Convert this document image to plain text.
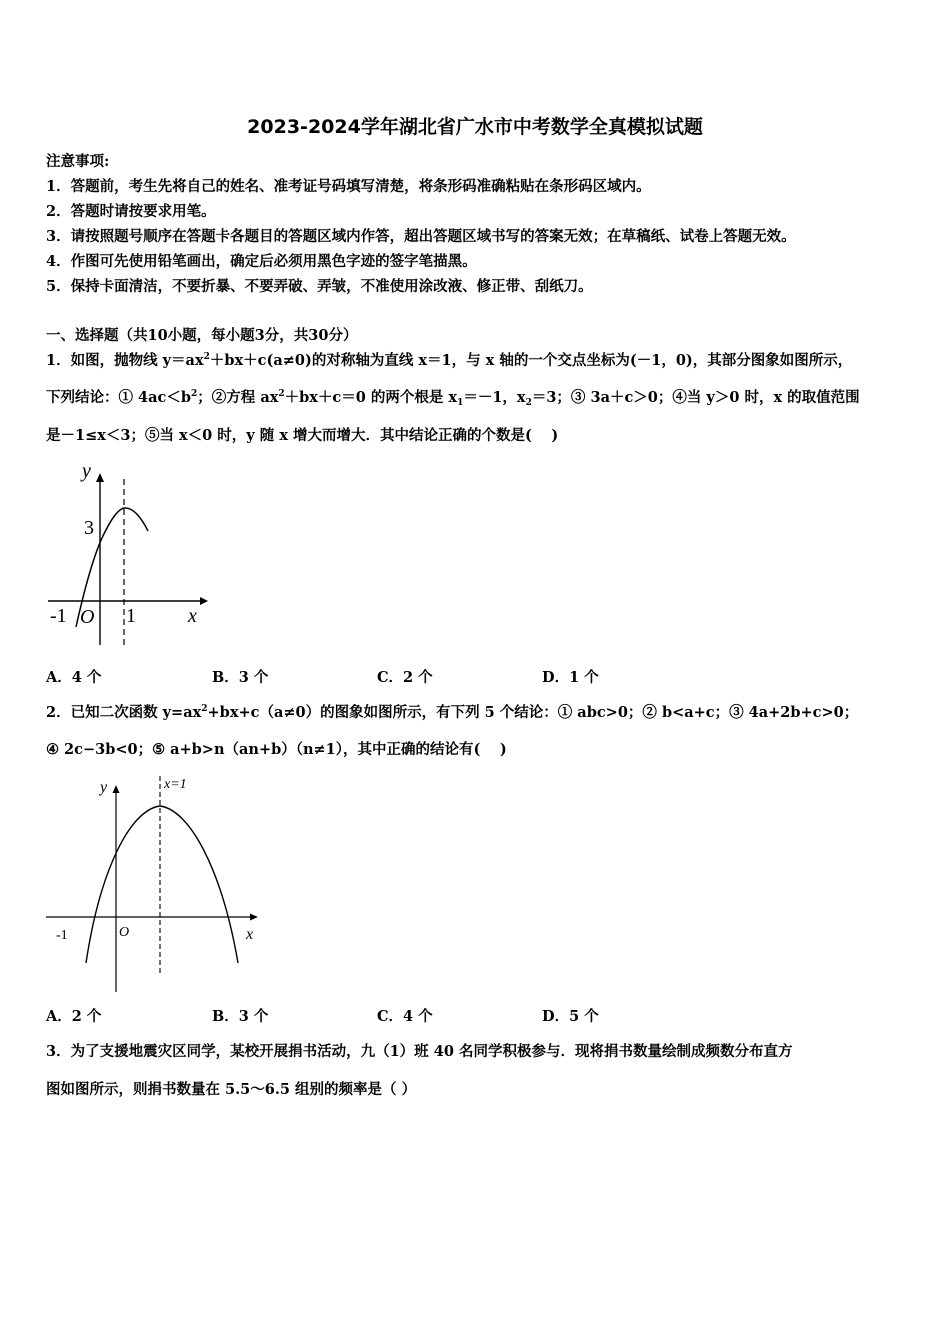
2023-2024学年湖北省广水市中考数学全真模拟试题
注意事项:
1．答题前，考生先将自己的姓名、准考证号码填写清楚，将条形码准确粘贴在条形码区域内。
2．答题时请按要求用笔。
3．请按照题号顺序在答题卡各题目的答题区域内作答，超出答题区域书写的答案无效；在草稿纸、试卷上答题无效。
4．作图可先使用铅笔画出，确定后必须用黑色字迹的签字笔描黑。
5．保持卡面清洁，不要折暴、不要弄破、弄皱，不准使用涂改液、修正带、刮纸刀。
一、选择题（共10小题，每小题3分，共30分）
1．如图，抛物线 $y=ax^2+bx+c(a\ne 0)$的对称轴为直线 x＝1，与 x 轴的一个交点坐标为(－1，0)，其部分图象如图所示，
下列结论：① $4ac<b^2$；②方程 $ax^2+bx+c=0$ 的两个根是 $x_1=-1$，$x_2=3$；③ 3a＋c＞0；④当 y＞0 时，x 的取值范围
是－1≤x＜3；⑤当 x＜0 时，y 随 x 增大而增大．其中结论正确的个数是(　 )
y
x
3
-1 O 1
A．4 个	B．3 个	C．2 个	D．1 个
2．已知二次函数 $y=ax^2+bx+c(a\ne 0)$的图象如图所示，有下列 5 个结论：① abc>0；② b<a+c；③ 4a+2b+c>0；
④ 2c−3b<0；⑤ a+b>n（an+b）（n≠1），其中正确的结论有(　 )
y	x=1
x
-1	O
A．2 个	B．3 个	C．4 个	D．5 个
3．为了支援地震灾区同学，某校开展捐书活动，九（1）班 40 名同学积极参与．现将捐书数量绘制成频数分布直方
图如图所示，则捐书数量在 5.5～6.5 组别的频率是（ ）
